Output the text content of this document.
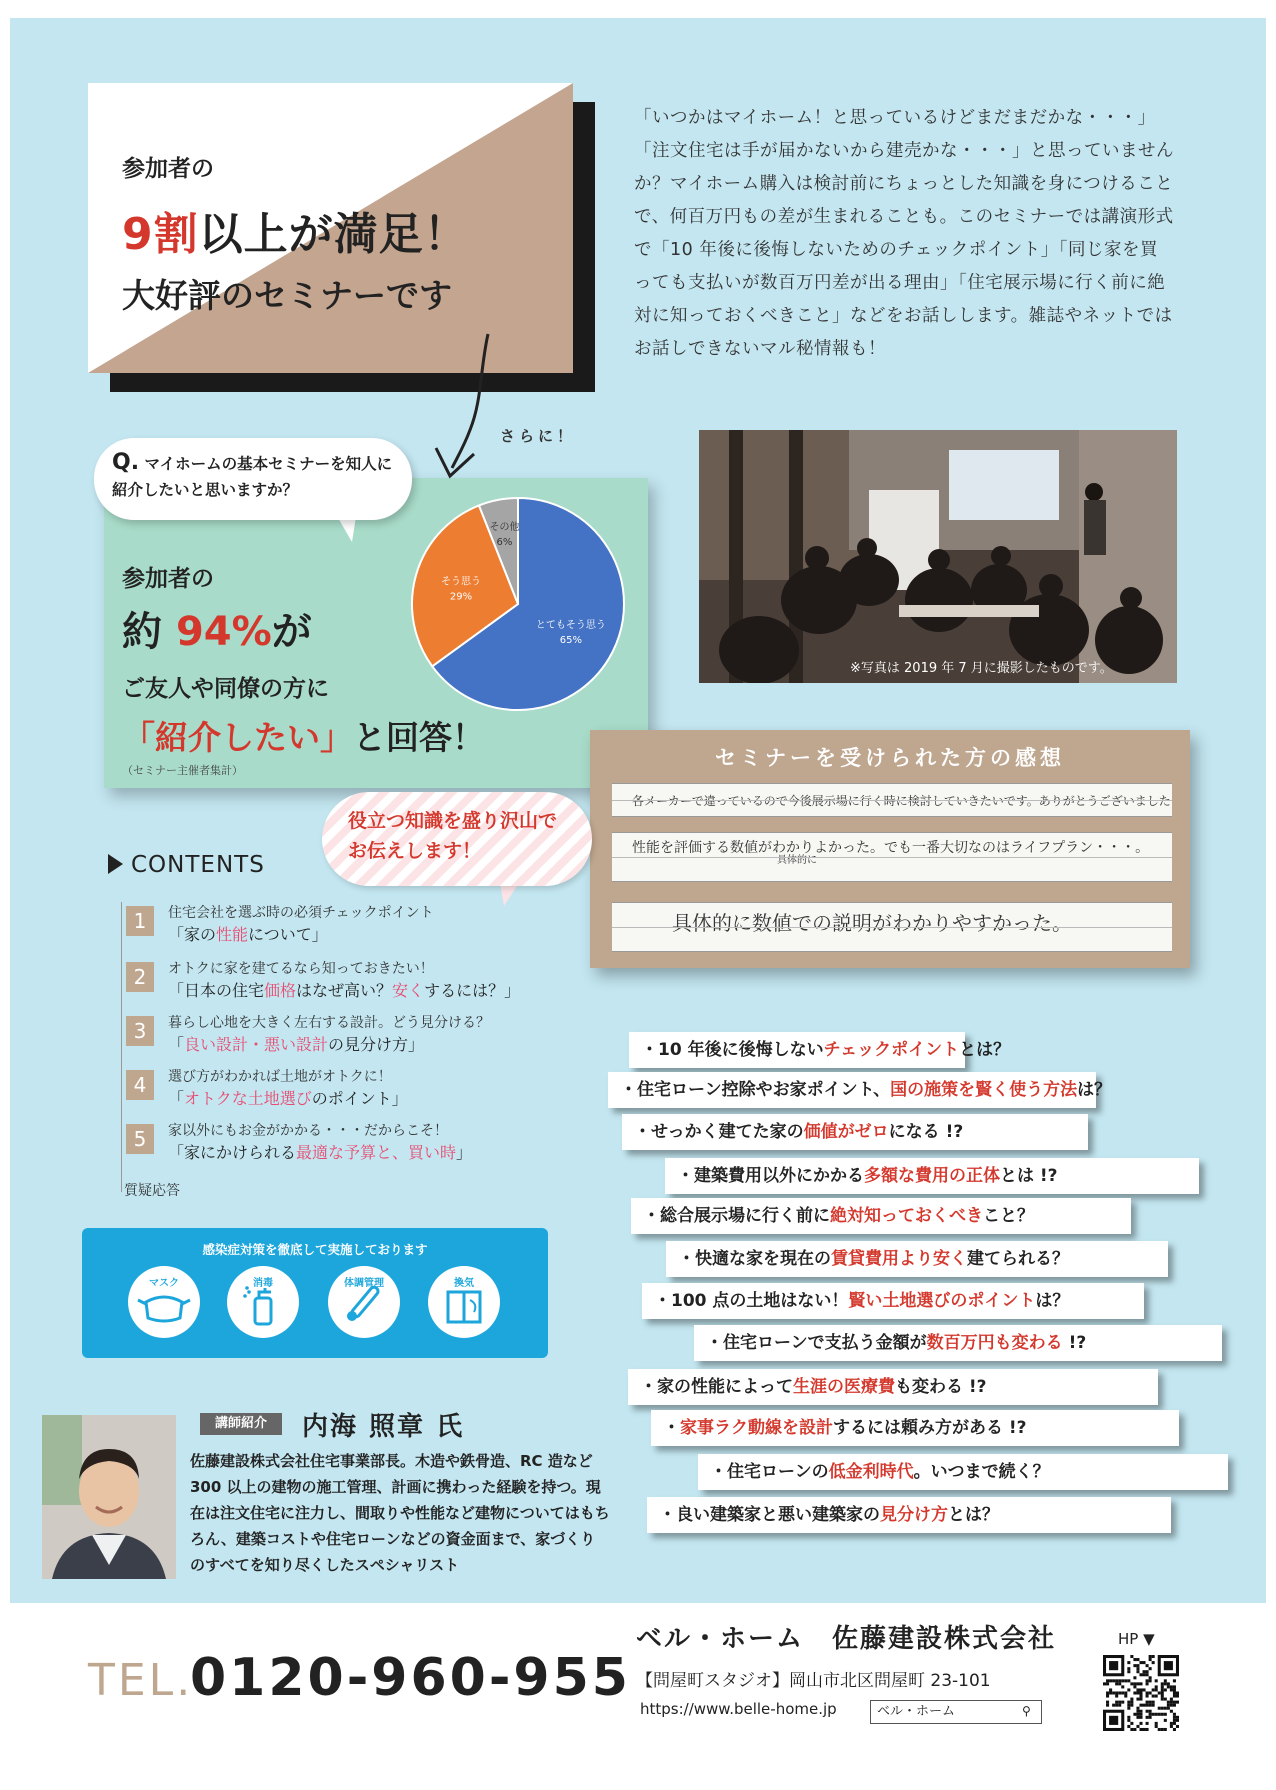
参加者の
9割以上が満足！
大好評のセミナーです
「いつかはマイホーム！と思っているけどまだまだかな・・・」「注文住宅は手が届かないから建売かな・・・」と思っていませんか？マイホーム購入は検討前にちょっとした知識を身につけることで、何百万円もの差が生まれることも。このセミナーでは講演形式で「10 年後に後悔しないためのチェックポイント」「同じ家を買っても支払いが数百万円差が出る理由」「住宅展示場に行く前に絶対に知っておくべきこと」などをお話しします。雑誌やネットではお話しできないマル秘情報も！
さらに！
Q. マイホームの基本セミナーを知人に紹介したいと思いますか？
参加者の
約 94%が
ご友人や同僚の方に
「紹介したい」と回答！
（セミナー主催者集計）
とてもそう思う
65%
そう思う
29%
その他
6%
※写真は 2019 年 7 月に撮影したものです。
セミナーを受けられた方の感想
各メーカーで違っているので今後展示場に行く時に検討していきたいです。ありがとうございました
性能を評価する数値がわかりよかった。でも一番大切なのはライフプラン・・・。
具体的に
具体的に数値での説明がわかりやすかった。
役立つ知識を盛り沢山で
お伝えします！
CONTENTS
1	住宅会社を選ぶ時の必須チェックポイント
「家の性能について」
2	オトクに家を建てるなら知っておきたい！
「日本の住宅価格はなぜ高い？安くするには？」
3	暮らし心地を大きく左右する設計。どう見分ける？
「良い設計・悪い設計の見分け方」
4	選び方がわかれば土地がオトクに！
「オトクな土地選びのポイント」
5	家以外にもお金がかかる・・・だからこそ！
「家にかけられる最適な予算と、買い時」
質疑応答
感染症対策を徹底して実施しております
マスク	消毒	体調管理	換気
講師紹介	内海 照章 氏
佐藤建設株式会社住宅事業部長。木造や鉄骨造、RC 造など 300 以上の建物の施工管理、計画に携わった経験を持つ。現在は注文住宅に注力し、間取りや性能など建物についてはもちろん、建築コストや住宅ローンなどの資金面まで、家づくりのすべてを知り尽くしたスペシャリスト
・10 年後に後悔しないチェックポイントとは？
・住宅ローン控除やお家ポイント、国の施策を賢く使う方法は？
・せっかく建てた家の価値がゼロになる !?
・建築費用以外にかかる多額な費用の正体とは !?
・総合展示場に行く前に絶対知っておくべきこと？
・快適な家を現在の賃貸費用より安く建てられる？
・100 点の土地はない！賢い土地選びのポイントは？
・住宅ローンで支払う金額が数百万円も変わる !?
・家の性能によって生涯の医療費も変わる !?
・家事ラク動線を設計するには頼み方がある !?
・住宅ローンの低金利時代。いつまで続く？
・良い建築家と悪い建築家の見分け方とは？
TEL.
0120-960-955
ベル・ホーム　佐藤建設株式会社
【問屋町スタジオ】岡山市北区問屋町 23-101
https://www.belle-home.jp	ベル・ホーム	⚲
HP ▼
